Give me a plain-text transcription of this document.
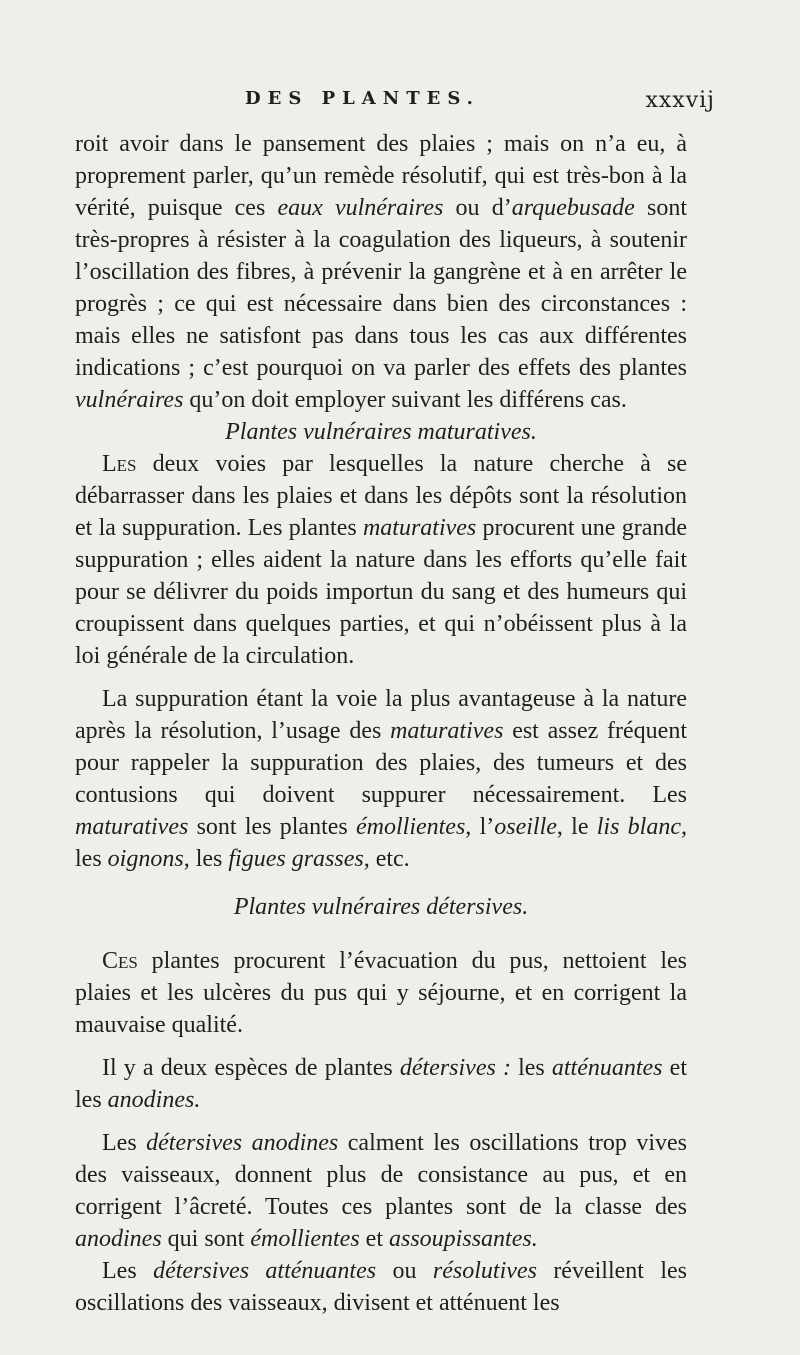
DES PLANTES.	xxxvij

roit avoir dans le pansement des plaies ; mais on n’a eu, à proprement parler, qu’un remède résolutif, qui est très-bon à la vérité, puisque ces eaux vulnéraires ou d’arquebusade sont très-propres à résister à la coagulation des liqueurs, à soutenir l’oscillation des fibres, à prévenir la gangrène et à en arrêter le progrès ; ce qui est nécessaire dans bien des circonstances : mais elles ne satisfont pas dans tous les cas aux différentes indications ; c’est pourquoi on va parler des effets des plantes vulnéraires qu’on doit employer suivant les différens cas.

Plantes vulnéraires maturatives.

Les deux voies par lesquelles la nature cherche à se débarrasser dans les plaies et dans les dépôts sont la résolution et la suppuration. Les plantes maturatives procurent une grande suppuration ; elles aident la nature dans les efforts qu’elle fait pour se délivrer du poids importun du sang et des humeurs qui croupissent dans quelques parties, et qui n’obéissent plus à la loi générale de la circulation.

La suppuration étant la voie la plus avantageuse à la nature après la résolution, l’usage des maturatives est assez fréquent pour rappeler la suppuration des plaies, des tumeurs et des contusions qui doivent suppurer nécessairement. Les maturatives sont les plantes émollientes, l’oseille, le lis blanc, les oignons, les figues grasses, etc.

Plantes vulnéraires détersives.

Ces plantes procurent l’évacuation du pus, nettoient les plaies et les ulcères du pus qui y séjourne, et en corrigent la mauvaise qualité.

Il y a deux espèces de plantes détersives : les atténuantes et les anodines.

Les détersives anodines calment les oscillations trop vives des vaisseaux, donnent plus de consistance au pus, et en corrigent l’âcreté. Toutes ces plantes sont de la classe des anodines qui sont émollientes et assoupissantes.

Les détersives atténuantes ou résolutives réveillent les oscillations des vaisseaux, divisent et atténuent les
